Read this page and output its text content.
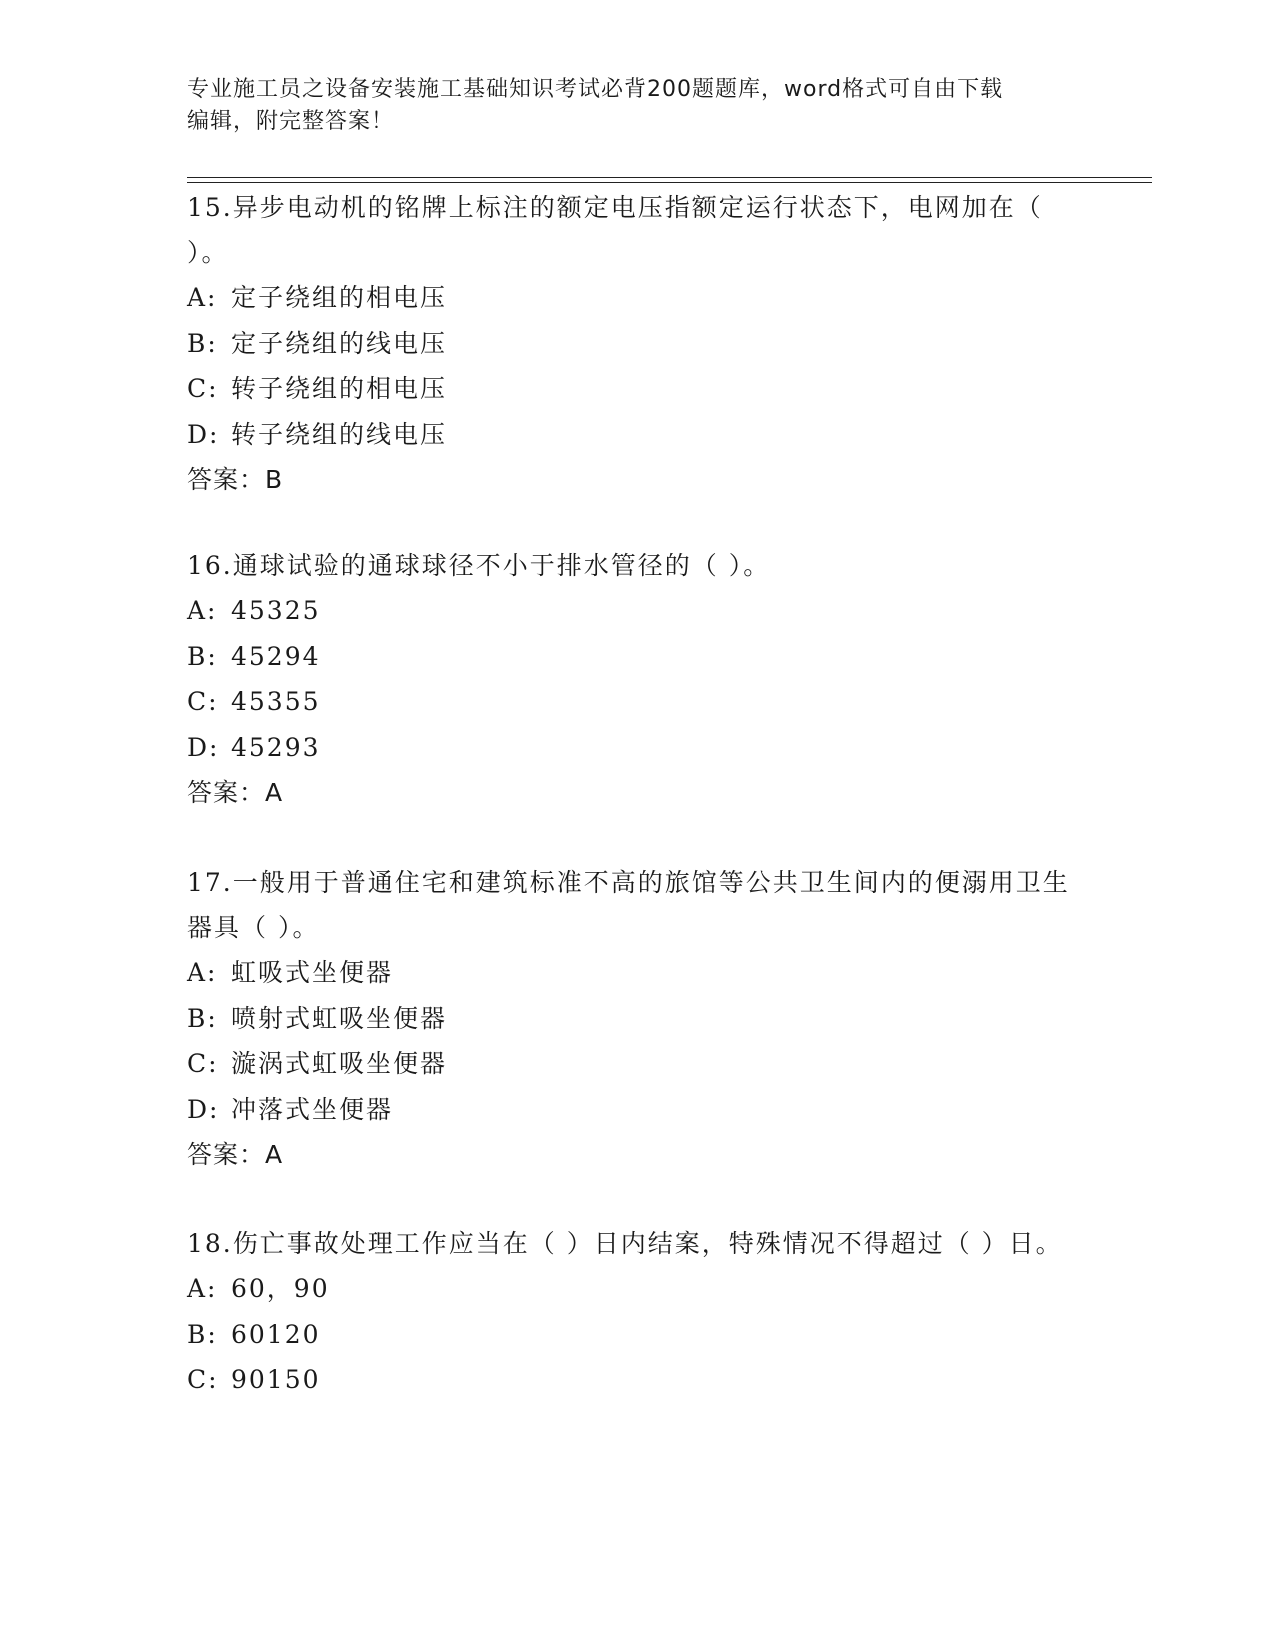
专业施工员之设备安装施工基础知识考试必背200题题库，word格式可自由下载
编辑，附完整答案！

15.异步电动机的铭牌上标注的额定电压指额定运行状态下，电网加在（ ）。

A: 定子绕组的相电压

B: 定子绕组的线电压

C: 转子绕组的相电压

D: 转子绕组的线电压

答案：B

16.通球试验的通球球径不小于排水管径的（ ）。

A: 45325

B: 45294

C: 45355

D: 45293

答案：A

17.一般用于普通住宅和建筑标准不高的旅馆等公共卫生间内的便溺用卫生器具（ ）。

A: 虹吸式坐便器

B: 喷射式虹吸坐便器

C: 漩涡式虹吸坐便器

D: 冲落式坐便器

答案：A

18.伤亡事故处理工作应当在（ ）日内结案，特殊情况不得超过（ ）日。

A: 60，90

B: 60120

C: 90150
